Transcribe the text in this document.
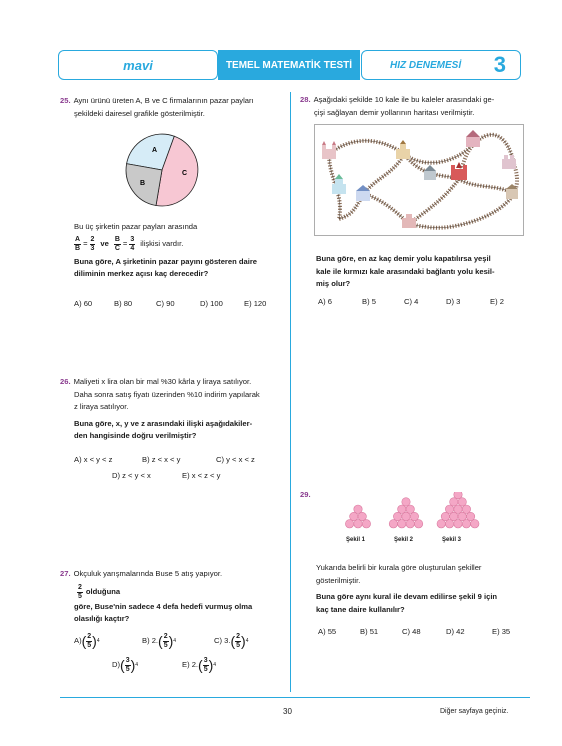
mavi	TEMEL MATEMATİK TESTİ	HIZ DENEMESİ 3
25. Aynı ürünü üreten A, B ve C firmalarının pazar payları
şekildeki dairesel grafikle gösterilmiştir.
A
B
C
Bu üç şirketin pazar payları arasında
$\frac{A}{B} = \frac{2}{3}$ ve $\frac{B}{C} = \frac{3}{4}$ ilişkisi vardır.
Buna göre, A şirketinin pazar payını gösteren daire
diliminin merkez açısı kaç derecedir?
A) 60	B) 80	C) 90	D) 100	E) 120
26. Maliyeti x lira olan bir mal %30 kârla y liraya satılıyor.
Daha sonra satış fiyatı üzerinden %10 indirim yapılarak
z liraya satılıyor.
Buna göre, x, y ve z arasındaki ilişki aşağıdakiler-
den hangisinde doğru verilmiştir?
A) x < y < z	B) z < x < y	C) y < x < z
D) z < y < x	E) x < z < y
27. Okçuluk yarışmalarında Buse 5 atış yapıyor.
$\frac{2}{5}$ olduğuna
göre, Buse'nin sadece 4 defa hedefi vurmuş olma
olasılığı kaçtır?
A) ( $\frac{2}{5}$ ) 4	B) 2. ( $\frac{2}{5}$ ) 4	C) 3. ( $\frac{2}{5}$ ) 4
D) ( $\frac{3}{5}$ ) 4	E) 2. ( $\frac{3}{5}$ ) 4
28. Aşağıdaki şekilde 10 kale ile bu kaleler arasındaki ge-
çişi sağlayan demir yollarının haritası verilmiştir.
Buna göre, en az kaç demir yolu kapatılırsa yeşil
kale ile kırmızı kale arasındaki bağlantı yolu kesil-
miş olur?
A) 6	B) 5	C) 4	D) 3	E) 2
29.
Şekil 1	Şekil 2	Şekil 3
Yukarıda belirli bir kurala göre oluşturulan şekiller
gösterilmiştir.
Buna göre aynı kural ile devam edilirse şekil 9 için
kaç tane daire kullanılır?
A) 55	B) 51	C) 48	D) 42	E) 35
30	Diğer sayfaya geçiniz.
